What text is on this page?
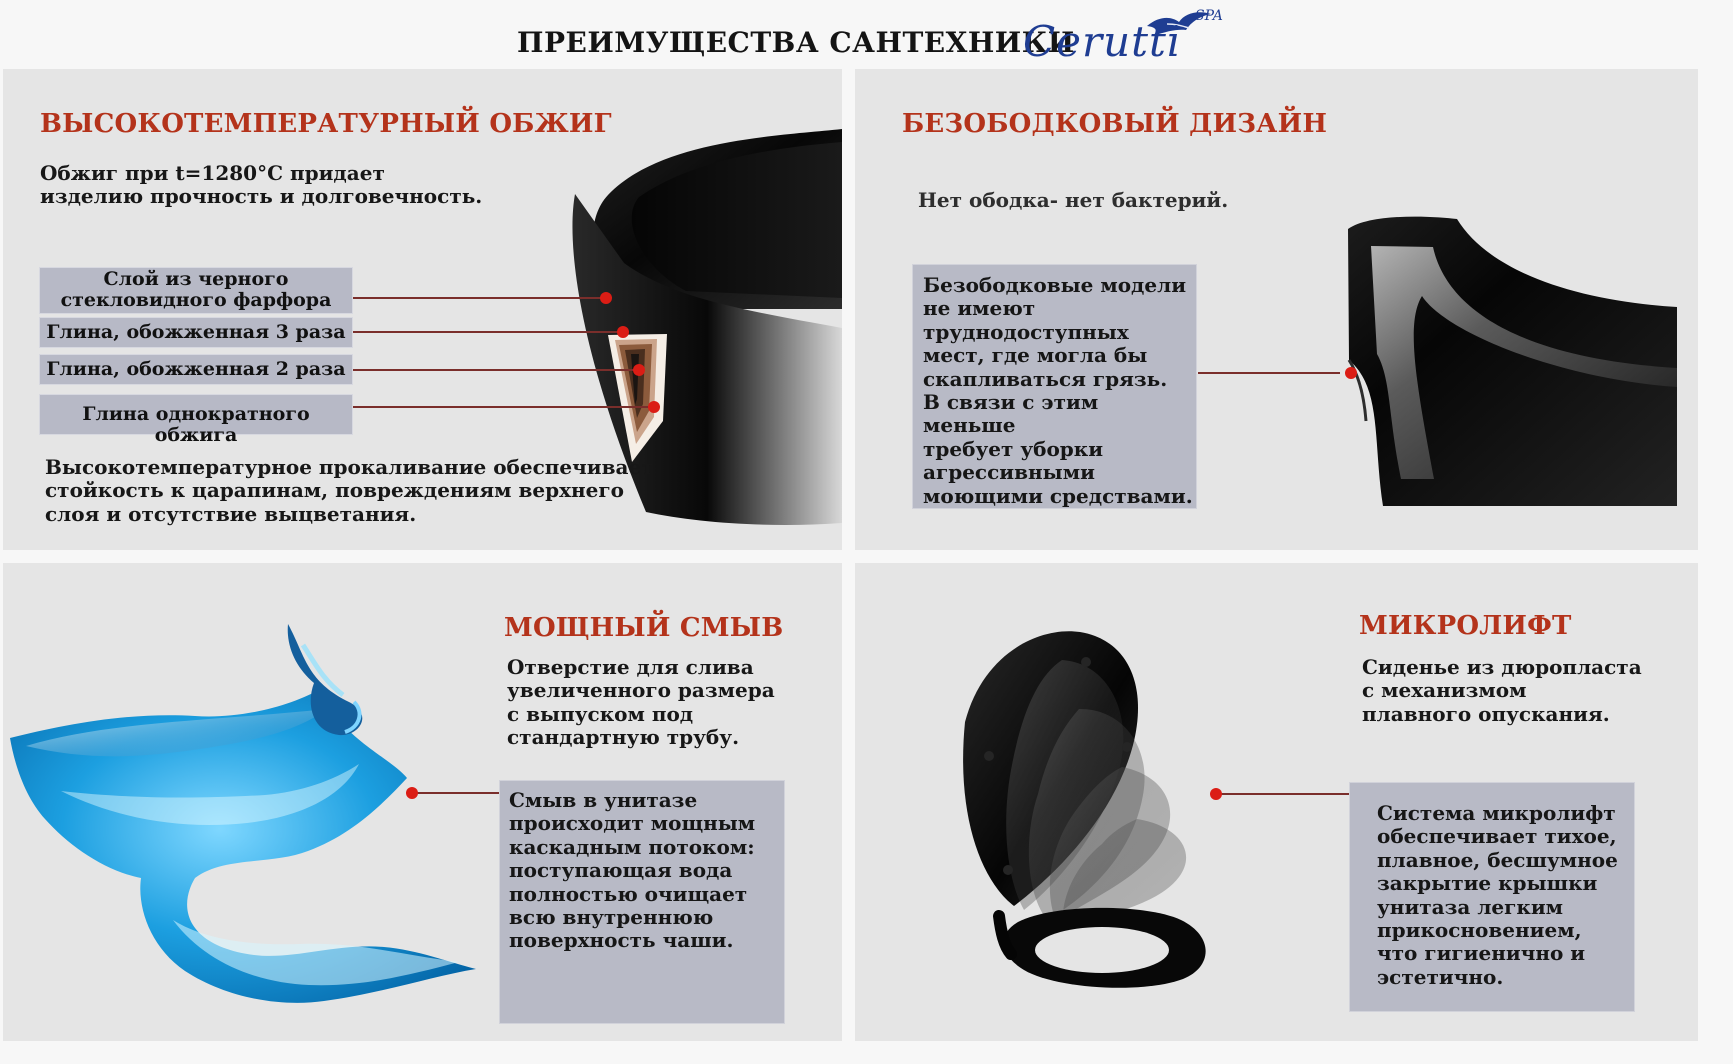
ПРЕИМУЩЕСТВА САНТЕХНИКИ
SPA
Cerutti
ВЫСОКОТЕМПЕРАТУРНЫЙ ОБЖИГ
Обжиг при t=1280°С придает
изделию прочность и долговечность.
Слой из черного
стекловидного фарфора
Глина, обожженная 3 раза
Глина, обожженная 2 раза
Глина однократного обжига
Высокотемпературное прокаливание обеспечивает
стойкость к царапинам, повреждениям верхнего
слоя и отсутствие выцветания.
БЕЗОБОДКОВЫЙ ДИЗАЙН
Нет ободка- нет бактерий.
Безободковые модели
не имеют
труднодоступных
мест, где могла бы
скапливаться грязь.
В связи с этим меньше
требует уборки
агрессивными
моющими средствами.
МОЩНЫЙ СМЫВ
Отверстие для слива
увеличенного размера
с выпуском под
стандартную трубу.
Смыв в унитазе
происходит мощным
каскадным потоком:
поступающая вода
полностью очищает
всю внутреннюю
поверхность чаши.
МИКРОЛИФТ
Сиденье из дюропласта
с механизмом
плавного опускания.
Система микролифт
обеспечивает тихое,
плавное, бесшумное
закрытие крышки
унитаза легким
прикосновением,
что гигиенично и
эстетично.
